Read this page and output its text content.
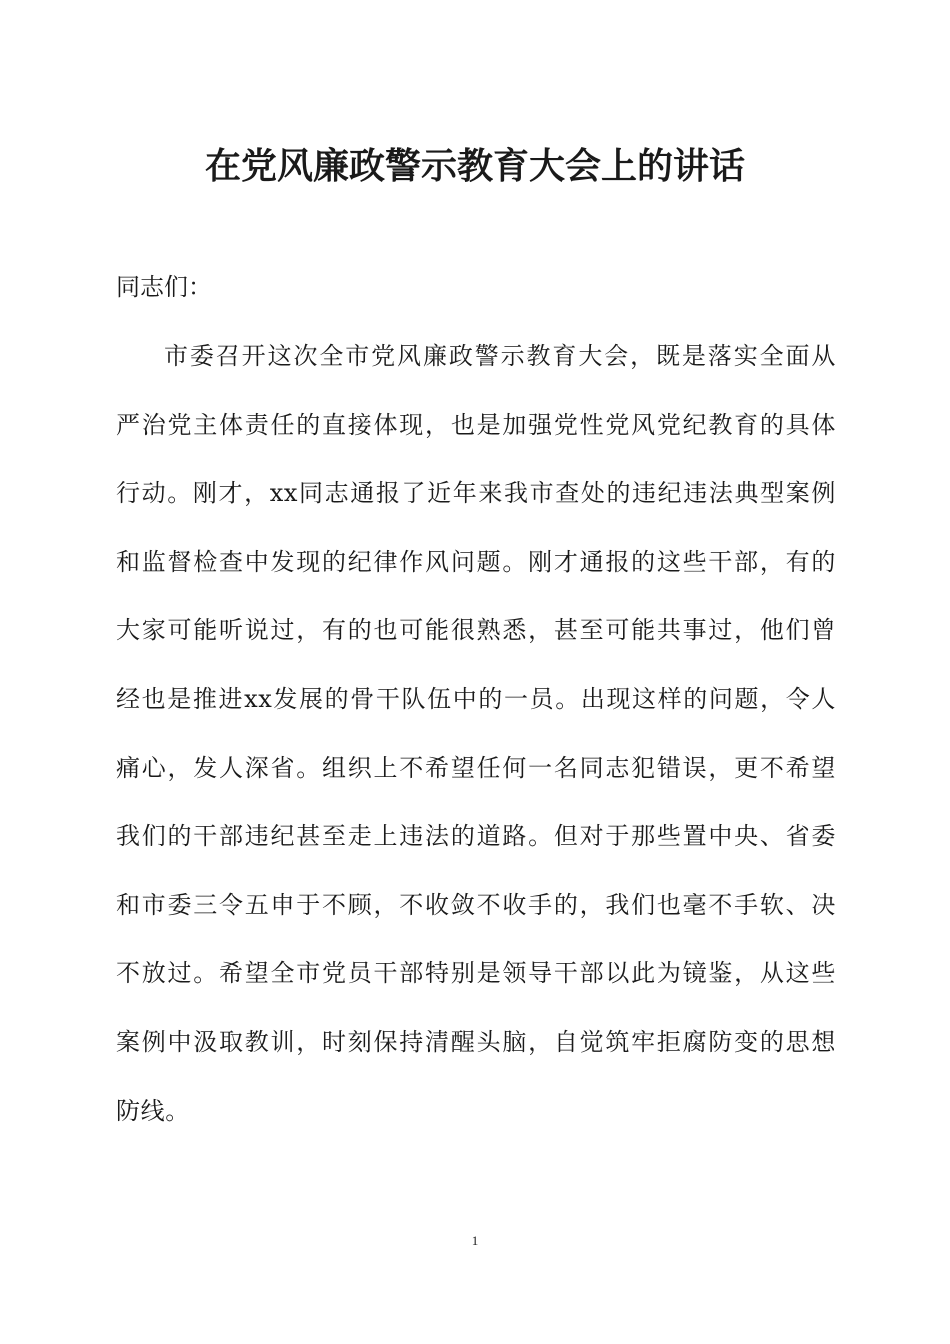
在党风廉政警示教育大会上的讲话

同志们：

市委召开这次全市党风廉政警示教育大会，既是落实全面从
严治党主体责任的直接体现，也是加强党性党风党纪教育的具体
行动。刚才，xx同志通报了近年来我市查处的违纪违法典型案例
和监督检查中发现的纪律作风问题。刚才通报的这些干部，有的
大家可能听说过，有的也可能很熟悉，甚至可能共事过，他们曾
经也是推进xx发展的骨干队伍中的一员。出现这样的问题，令人
痛心，发人深省。组织上不希望任何一名同志犯错误，更不希望
我们的干部违纪甚至走上违法的道路。但对于那些置中央、省委
和市委三令五申于不顾，不收敛不收手的，我们也毫不手软、决
不放过。希望全市党员干部特别是领导干部以此为镜鉴，从这些
案例中汲取教训，时刻保持清醒头脑，自觉筑牢拒腐防变的思想
防线。
1
